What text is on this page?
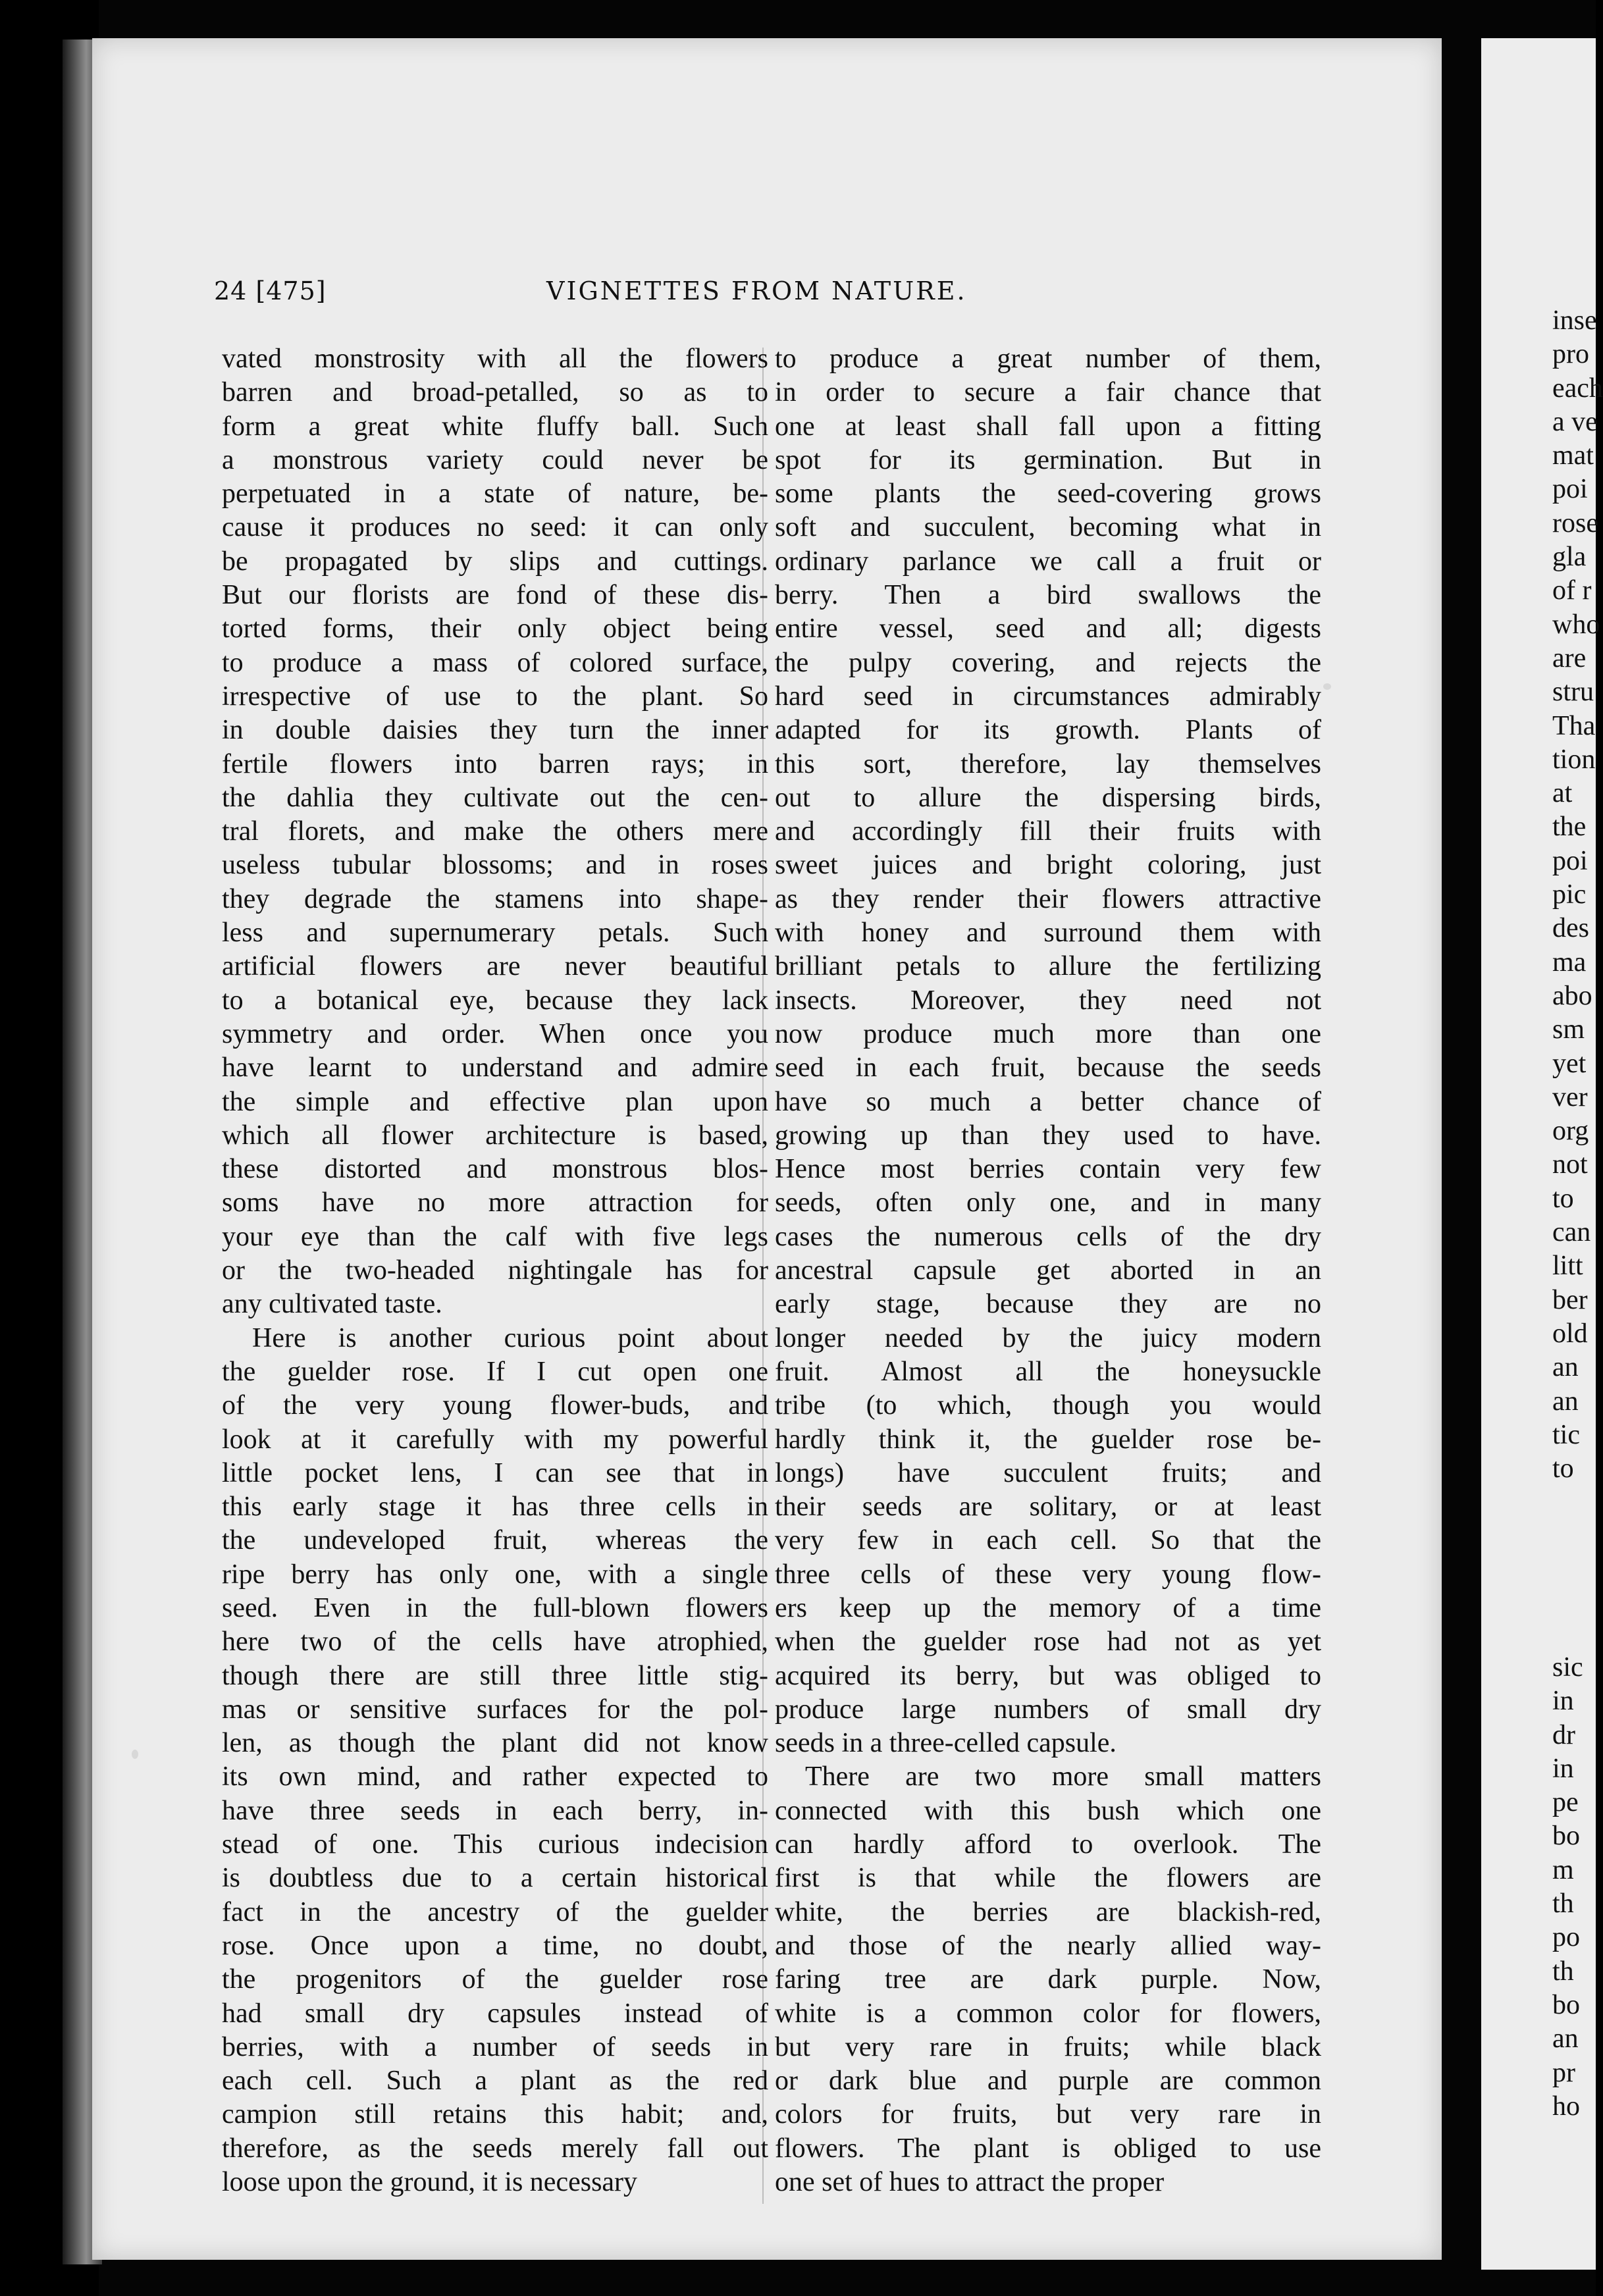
24 [475]	VIGNETTES FROM NATURE.
vated monstrosity with all the flowers
barren and broad-petalled, so as to
form a great white fluffy ball. Such
a monstrous variety could never be
perpetuated in a state of nature, be-
cause it produces no seed: it can only
be propagated by slips and cuttings.
But our florists are fond of these dis-
torted forms, their only object being
to produce a mass of colored surface,
irrespective of use to the plant. So
in double daisies they turn the inner
fertile flowers into barren rays; in
the dahlia they cultivate out the cen-
tral florets, and make the others mere
useless tubular blossoms; and in roses
they degrade the stamens into shape-
less and supernumerary petals. Such
artificial flowers are never beautiful
to a botanical eye, because they lack
symmetry and order. When once you
have learnt to understand and admire
the simple and effective plan upon
which all flower architecture is based,
these distorted and monstrous blos-
soms have no more attraction for
your eye than the calf with five legs
or the two-headed nightingale has for
any cultivated taste.
Here is another curious point about
the guelder rose. If I cut open one
of the very young flower-buds, and
look at it carefully with my powerful
little pocket lens, I can see that in
this early stage it has three cells in
the undeveloped fruit, whereas the
ripe berry has only one, with a single
seed. Even in the full-blown flowers
here two of the cells have atrophied,
though there are still three little stig-
mas or sensitive surfaces for the pol-
len, as though the plant did not know
its own mind, and rather expected to
have three seeds in each berry, in-
stead of one. This curious indecision
is doubtless due to a certain historical
fact in the ancestry of the guelder
rose. Once upon a time, no doubt,
the progenitors of the guelder rose
had small dry capsules instead of
berries, with a number of seeds in
each cell. Such a plant as the red
campion still retains this habit; and,
therefore, as the seeds merely fall out
loose upon the ground, it is necessary
to produce a great number of them,
in order to secure a fair chance that
one at least shall fall upon a fitting
spot for its germination. But in
some plants the seed-covering grows
soft and succulent, becoming what in
ordinary parlance we call a fruit or
berry. Then a bird swallows the
entire vessel, seed and all; digests
the pulpy covering, and rejects the
hard seed in circumstances admirably
adapted for its growth. Plants of
this sort, therefore, lay themselves
out to allure the dispersing birds,
and accordingly fill their fruits with
sweet juices and bright coloring, just
as they render their flowers attractive
with honey and surround them with
brilliant petals to allure the fertilizing
insects. Moreover, they need not
now produce much more than one
seed in each fruit, because the seeds
have so much a better chance of
growing up than they used to have.
Hence most berries contain very few
seeds, often only one, and in many
cases the numerous cells of the dry
ancestral capsule get aborted in an
early stage, because they are no
longer needed by the juicy modern
fruit. Almost all the honeysuckle
tribe (to which, though you would
hardly think it, the guelder rose be-
longs) have succulent fruits; and
their seeds are solitary, or at least
very few in each cell. So that the
three cells of these very young flow-
ers keep up the memory of a time
when the guelder rose had not as yet
acquired its berry, but was obliged to
produce large numbers of small dry
seeds in a three-celled capsule.
There are two more small matters
connected with this bush which one
can hardly afford to overlook. The
first is that while the flowers are
white, the berries are blackish-red,
and those of the nearly allied way-
faring tree are dark purple. Now,
white is a common color for flowers,
but very rare in fruits; while black
or dark blue and purple are common
colors for fruits, but very rare in
flowers. The plant is obliged to use
one set of hues to attract the proper
inse
pro
each
a ve
mat
poi
rose
gla
of r
who
are
stru
Tha
tion
at
the
poi
pic
des
ma
abo
sm
yet
ver
org
not
to
can
litt
ber
old
an
an
tic
to
sic
in
dr
in
pe
bo
m
th
po
th
bo
an
pr
ho
